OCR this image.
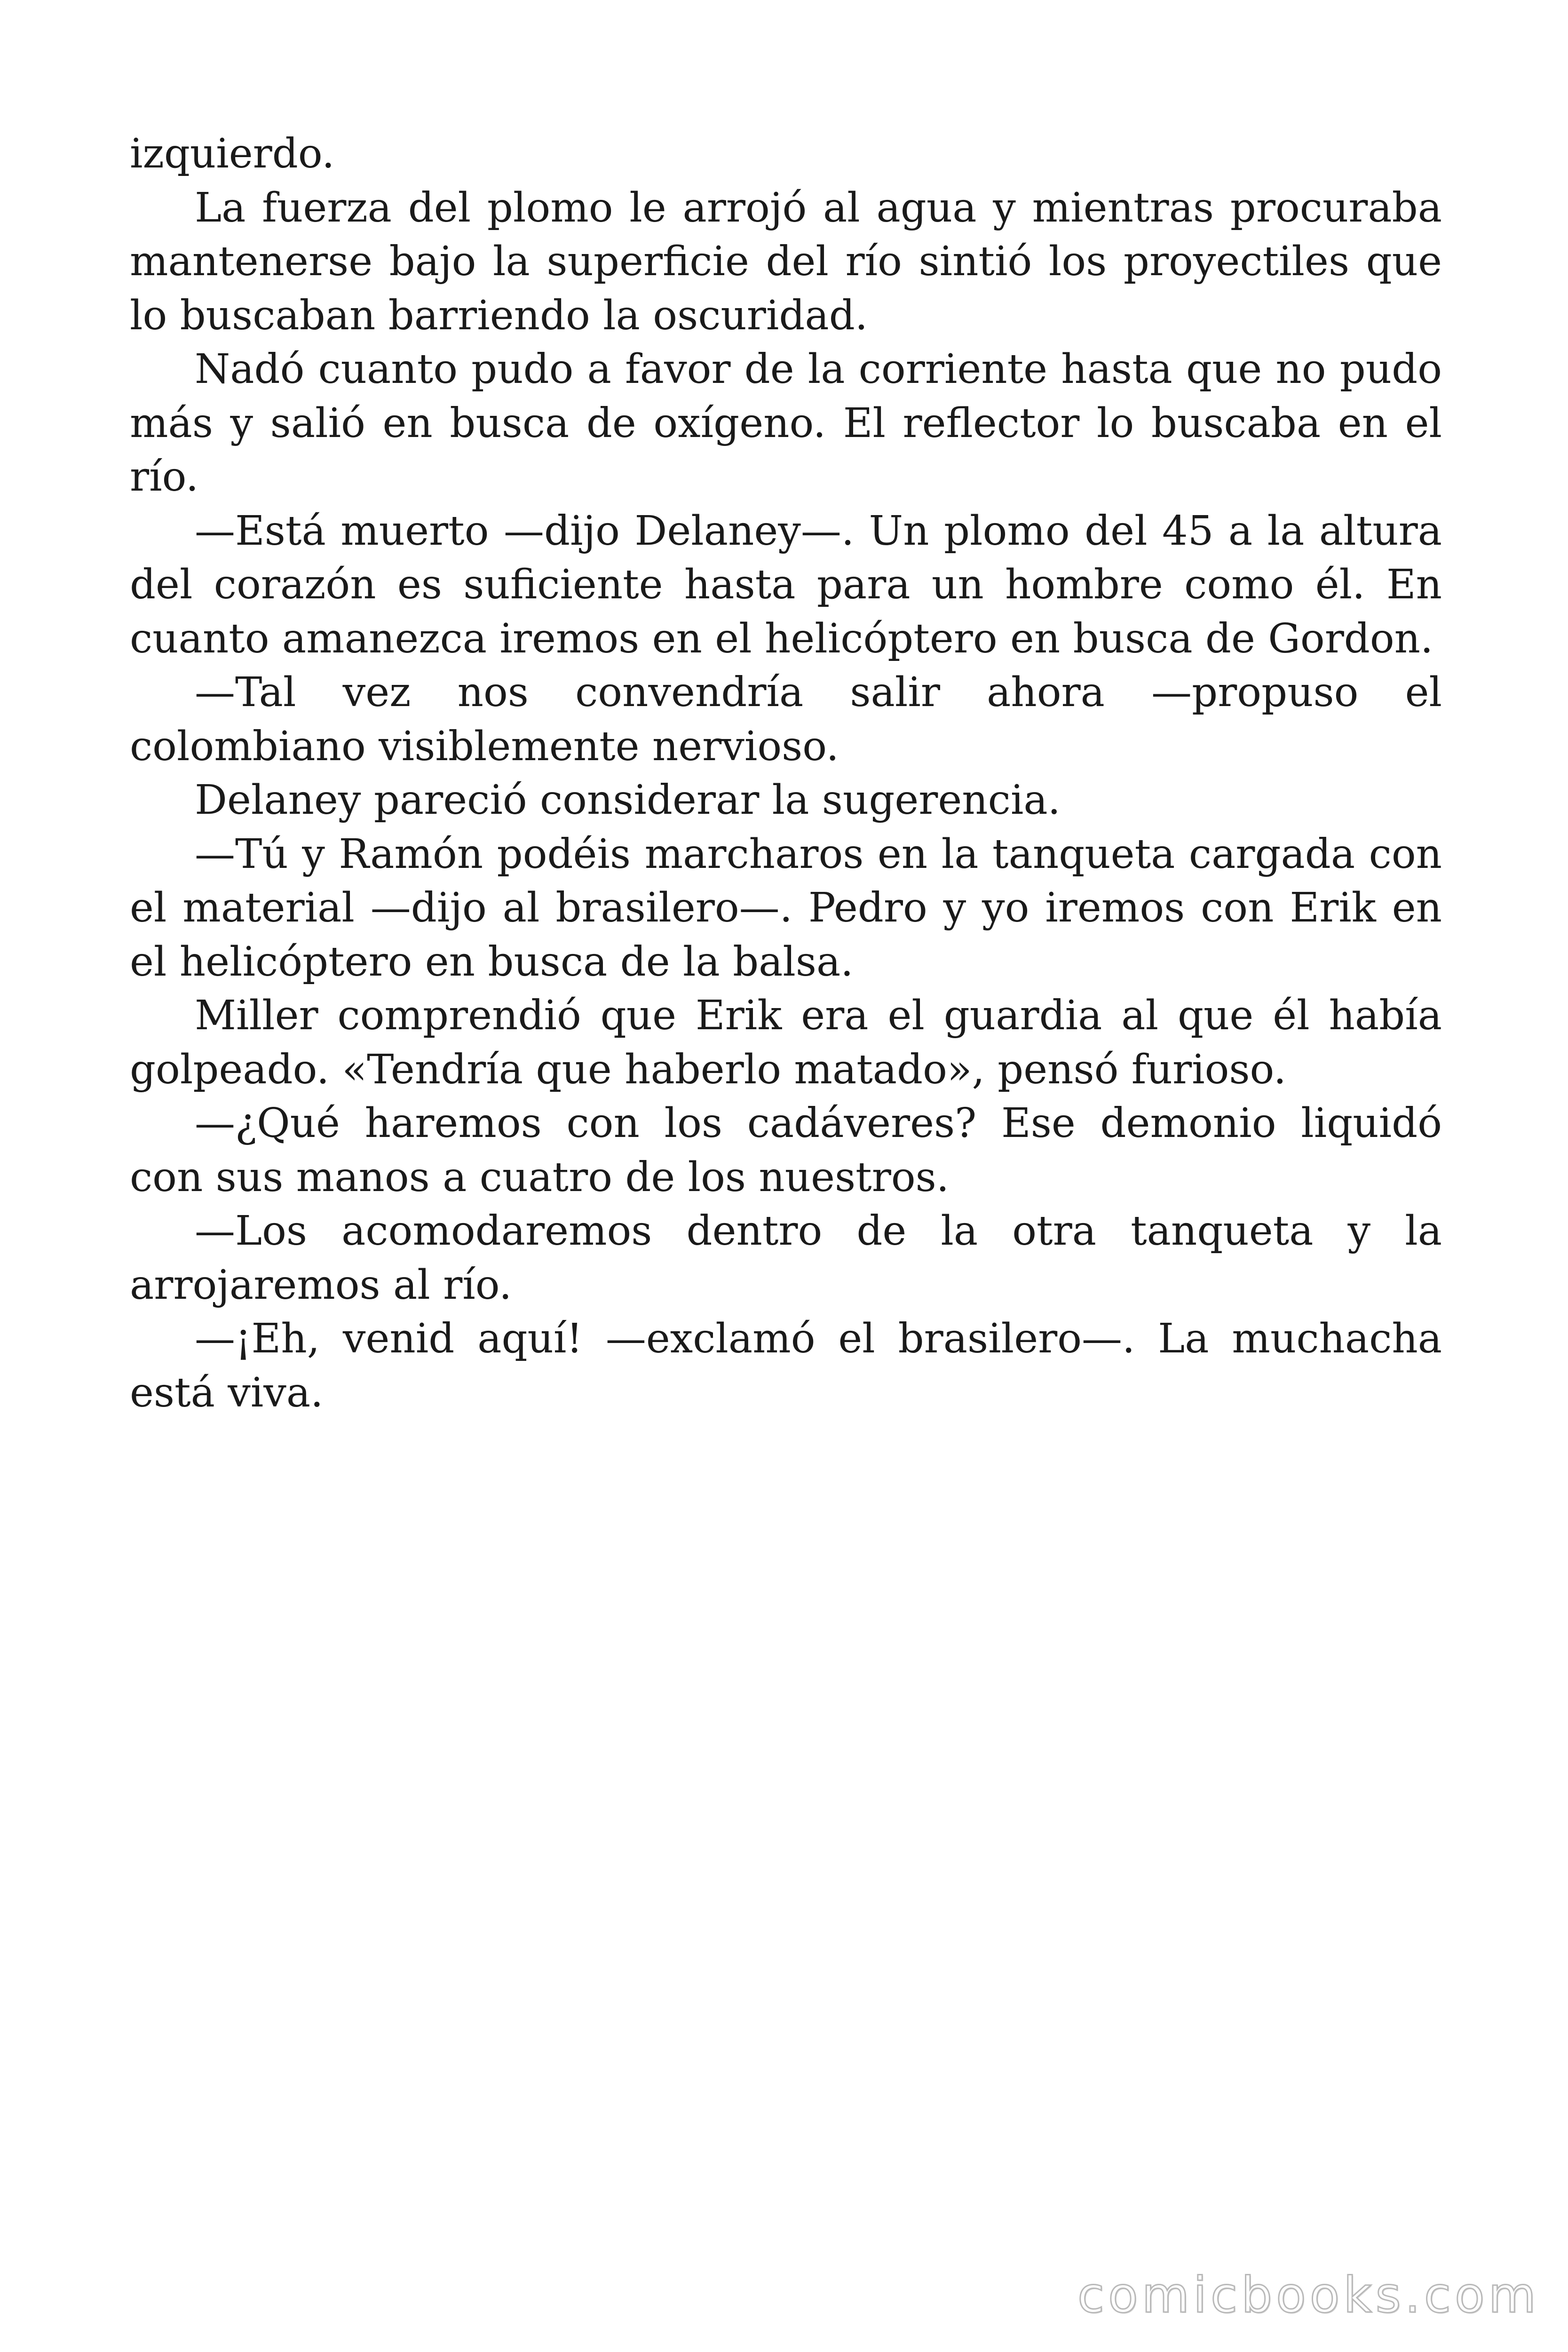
izquierdo.

La fuerza del plomo le arrojó al agua y mientras procuraba mantenerse bajo la superficie del río sintió los proyectiles que lo buscaban barriendo la oscuridad.

Nadó cuanto pudo a favor de la corriente hasta que no pudo más y salió en busca de oxígeno. El reflector lo buscaba en el río.

—Está muerto —dijo Delaney—. Un plomo del 45 a la altura del corazón es suficiente hasta para un hombre como él. En cuanto amanezca iremos en el helicóptero en busca de Gordon.

—Tal vez nos convendría salir ahora —propuso el colombiano visiblemente nervioso.

Delaney pareció considerar la sugerencia.

—Tú y Ramón podéis marcharos en la tanqueta cargada con el material —dijo al brasilero—. Pedro y yo iremos con Erik en el helicóptero en busca de la balsa.

Miller comprendió que Erik era el guardia al que él había golpeado. «Tendría que haberlo matado», pensó furioso.

—¿Qué haremos con los cadáveres? Ese demonio liquidó con sus manos a cuatro de los nuestros.

—Los acomodaremos dentro de la otra tanqueta y la arrojaremos al río.

—¡Eh, venid aquí! —exclamó el brasilero—. La muchacha está viva.

comicbooks.com
